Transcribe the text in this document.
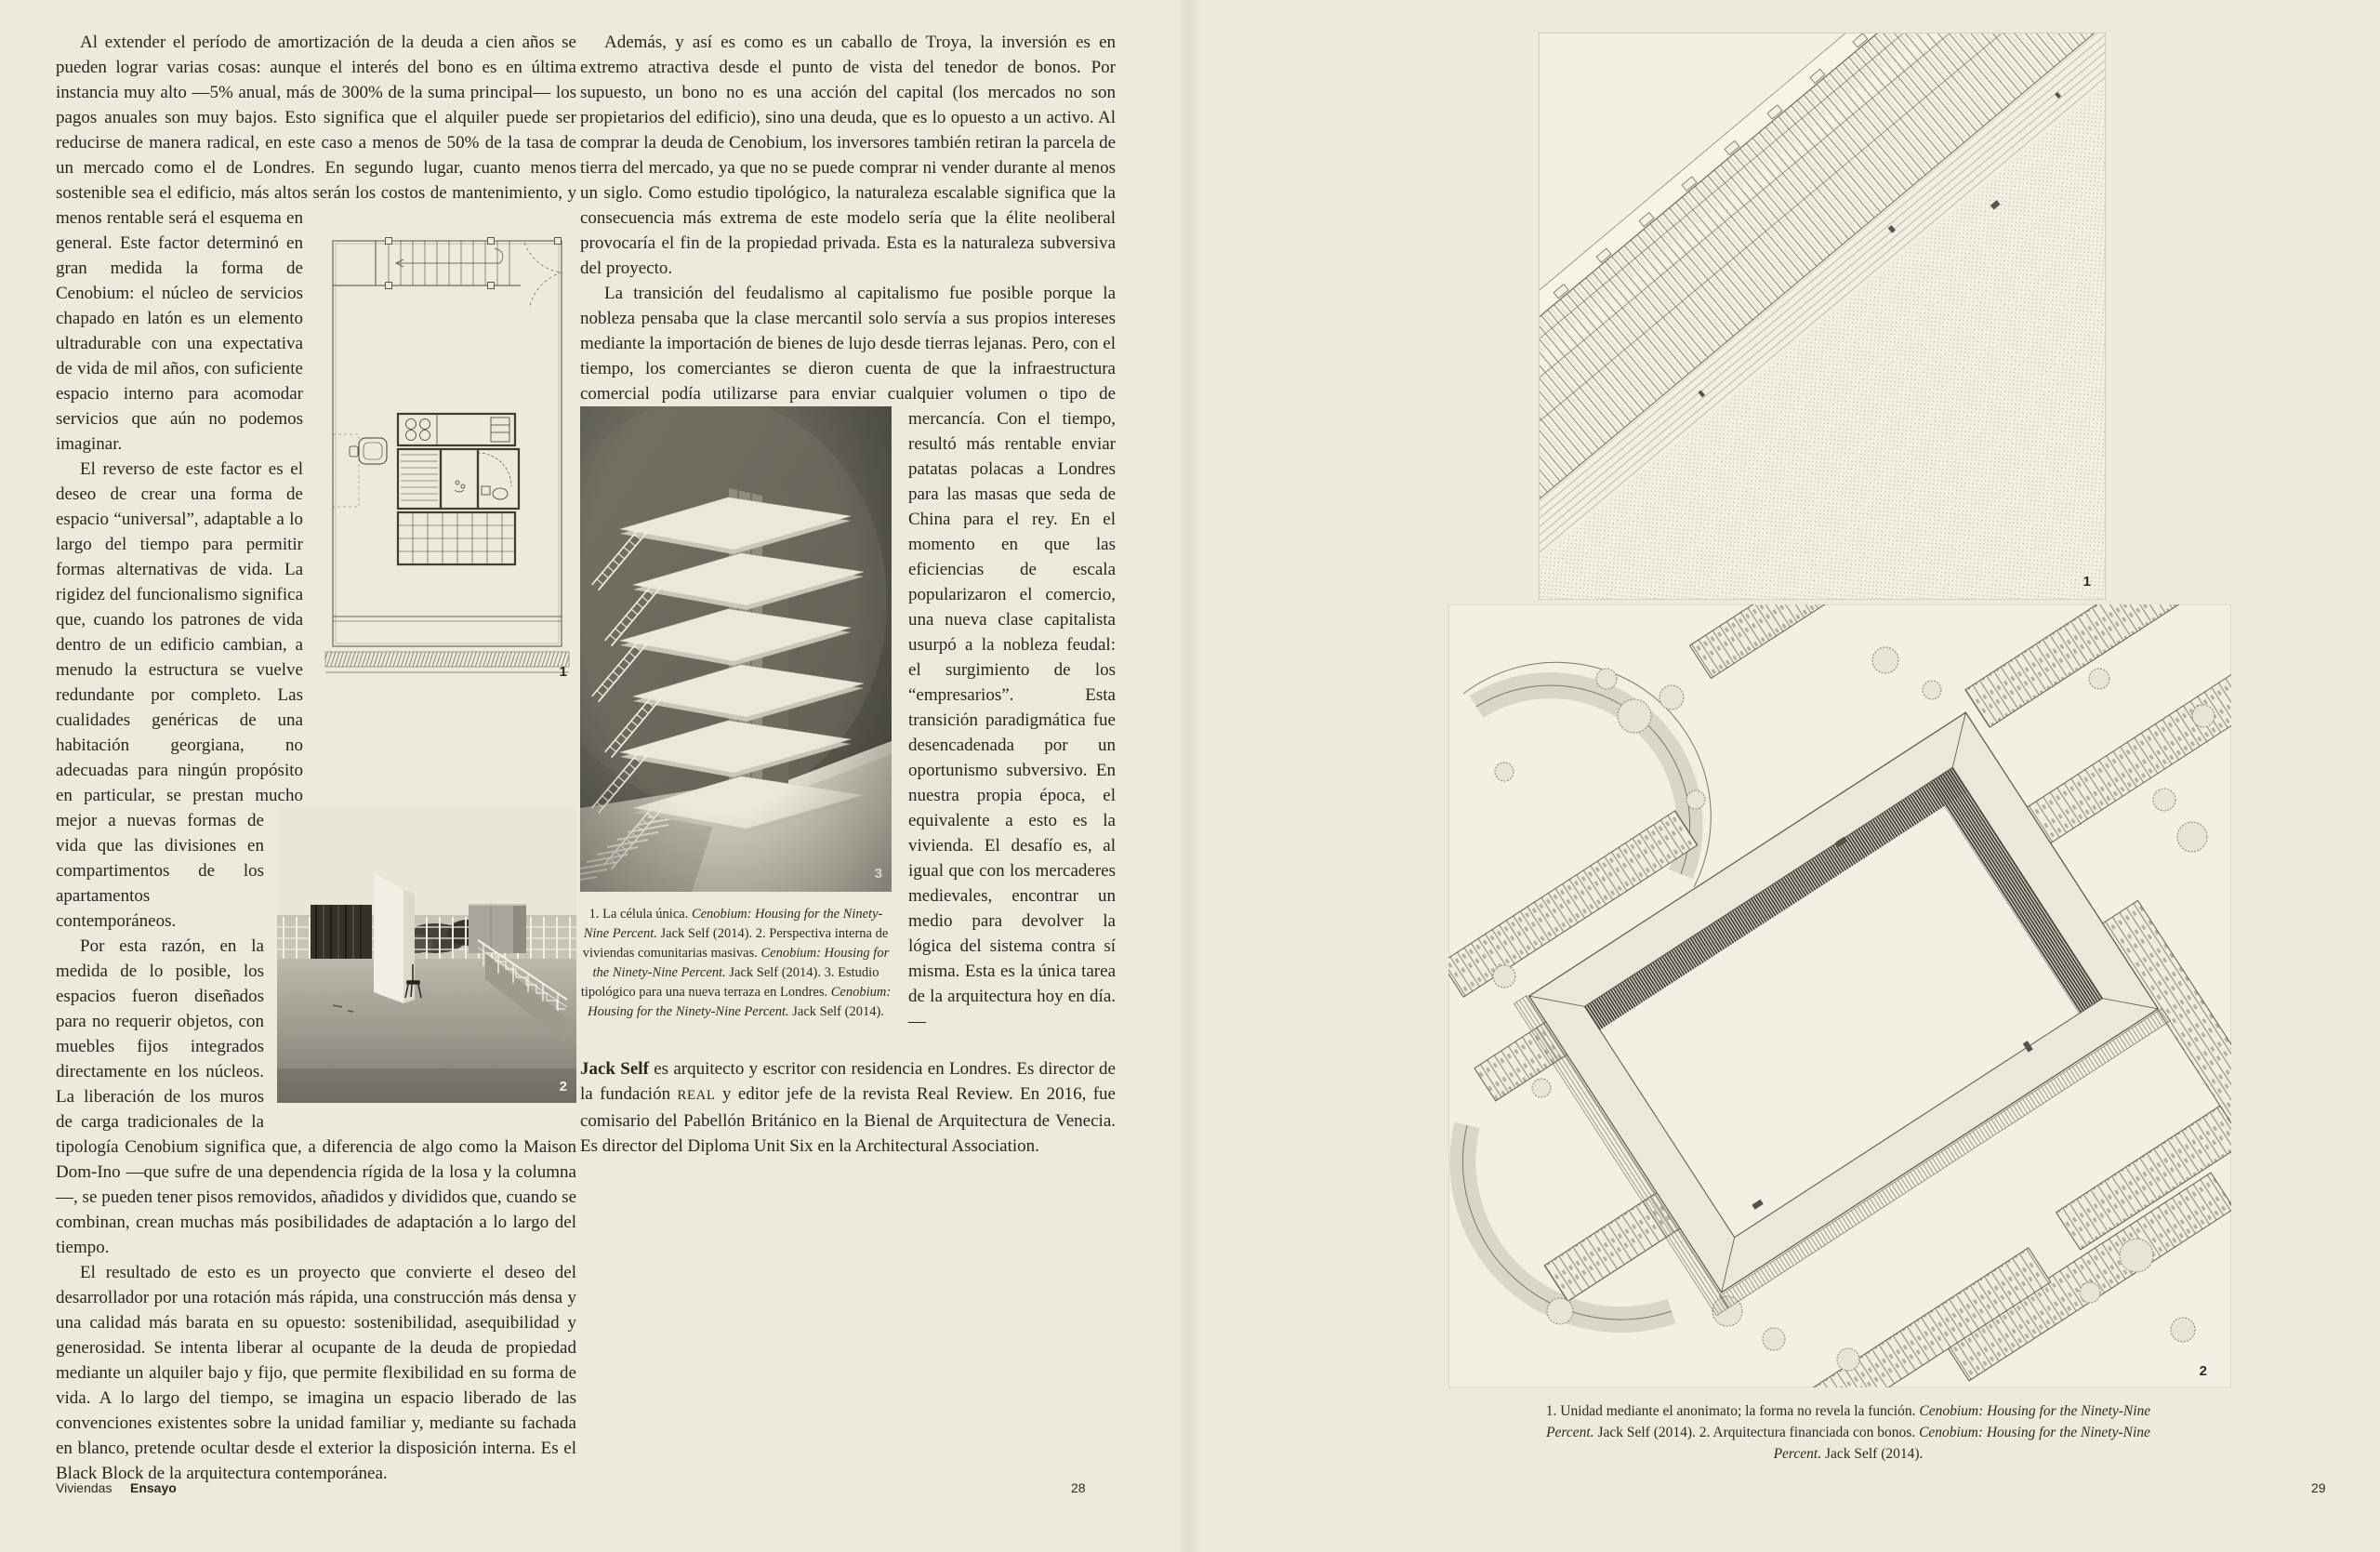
Al extender el período de amortización de la deuda a cien años se pueden lograr varias cosas: aunque el interés del bono es en última instancia muy alto —5% anual, más de 300% de la suma principal— los pagos anuales son muy bajos. Esto significa que el alquiler puede ser reducirse de manera radical, en este caso a menos de 50% de la tasa de un mercado como el de Londres. En segundo lugar, cuanto menos sostenible sea el edificio, más altos serán los costos de
1
mantenimiento, y menos rentable será el esquema en general. Este factor determinó en gran medida la forma de Cenobium: el núcleo de servicios chapado en latón es un elemento ultradurable con una expectativa de vida de mil años, con suficiente espacio interno para acomodar servicios que aún no podemos imaginar.

El reverso de este factor es el deseo de crear una forma de espacio “universal”, adaptable a lo largo del tiempo para permitir formas alternativas de vida. La rigidez del funcionalismo significa que, cuando los patrones de vida dentro de un edificio cambian, a menudo la estructura se vuelve redundante por completo. Las cualidades genéricas de una habitación georgiana, no adecuadas para ningún propósito en particular, se prestan mucho
2
mejor a nuevas formas de vida que las divisiones en compartimentos de los apartamentos contemporáneos.

Por esta razón, en la medida de lo posible, los espacios fueron diseñados para no requerir objetos, con muebles fijos integrados directamente en los núcleos. La liberación de los muros de carga tradicionales de la tipología Cenobium significa que, a diferencia de algo como la Maison Dom-Ino —que sufre de una dependencia rígida de la losa y la columna—, se pueden tener pisos removidos, añadidos y divididos que, cuando se combinan, crean muchas más posibilidades de adaptación a lo largo del tiempo.

El resultado de esto es un proyecto que convierte el deseo del desarrollador por una rotación más rápida, una construcción más densa y una calidad más barata en su opuesto: sostenibilidad, asequibilidad y generosidad. Se intenta liberar al ocupante de la deuda de propiedad mediante un alquiler bajo y fijo, que permite flexibilidad en su forma de vida. A lo largo del tiempo, se imagina un espacio liberado de las convenciones existentes sobre la unidad familiar y, mediante su fachada en blanco, pretende ocultar desde el exterior la disposición interna. Es el Black Block de la arquitectura contemporánea.

Además, y así es como es un caballo de Troya, la inversión es en extremo atractiva desde el punto de vista del tenedor de bonos. Por supuesto, un bono no es una acción del capital (los mercados no son propietarios del edificio), sino una deuda, que es lo opuesto a un activo. Al comprar la deuda de Cenobium, los inversores también retiran la parcela de tierra del mercado, ya que no se puede comprar ni vender durante al menos un siglo. Como estudio tipológico, la naturaleza escalable significa que la consecuencia más extrema de este modelo sería que la élite neoliberal provocaría el fin de la propiedad privada. Esta es la naturaleza subversiva del proyecto.

La transición del feudalismo al capitalismo fue posible porque la nobleza pensaba que la clase mercantil solo servía a sus propios intereses mediante la importación de bienes de lujo desde tierras lejanas. Pero, con el tiempo, los comerciantes se dieron cuenta de que la infraestructura comercial podía utilizarse para enviar
3
1. La célula única. Cenobium: Housing for the Ninety-Nine Percent. Jack Self (2014). 2. Perspectiva interna de viviendas comunitarias masivas. Cenobium: Housing for the Ninety-Nine Percent. Jack Self (2014). 3. Estudio tipológico para una nueva terraza en Londres. Cenobium: Housing for the Ninety-Nine Percent. Jack Self (2014).
cualquier volumen o tipo de mercancía. Con el tiempo, resultó más rentable enviar patatas polacas a Londres para las masas que seda de China para el rey. En el momento en que las eficiencias de escala popularizaron el comercio, una nueva clase capitalista usurpó a la nobleza feudal: el surgimiento de los “empresarios”. Esta transición paradigmática fue desencadenada por un oportunismo subversivo. En nuestra propia época, el equivalente a esto es la vivienda. El desafío es, al igual que con los mercaderes medievales, encontrar un medio para devolver la lógica del sistema contra sí misma. Esta es la única tarea de la arquitectura hoy en día.—

Jack Self es arquitecto y escritor con residencia en Londres. Es director de la fundación REAL y editor jefe de la revista Real Review. En 2016, fue comisario del Pabellón Británico en la Bienal de Arquitectura de Venecia. Es director del Diploma Unit Six en la Architectural Association.
Viviendas Ensayo	28
1
2
1. Unidad mediante el anonimato; la forma no revela la función. Cenobium: Housing for the Ninety-Nine Percent. Jack Self (2014). 2. Arquitectura financiada con bonos. Cenobium: Housing for the Ninety-Nine Percent. Jack Self (2014).
29
